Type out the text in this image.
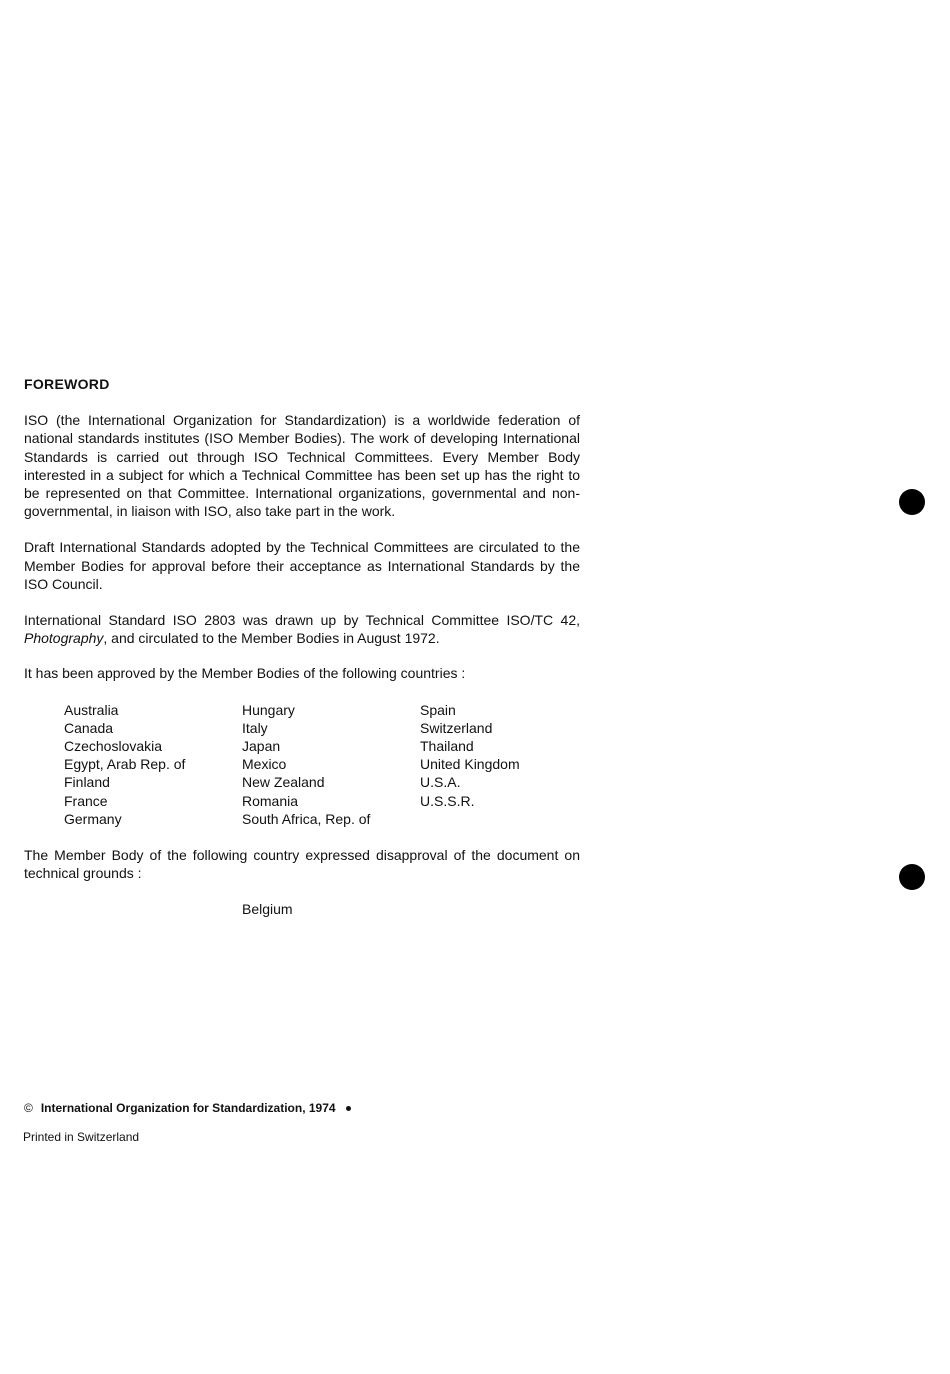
FOREWORD

ISO (the International Organization for Standardization) is a worldwide federation of national standards institutes (ISO Member Bodies). The work of developing International Standards is carried out through ISO Technical Committees. Every Member Body interested in a subject for which a Technical Committee has been set up has the right to be represented on that Committee. International organizations, governmental and non-governmental, in liaison with ISO, also take part in the work.

Draft International Standards adopted by the Technical Committees are circulated to the Member Bodies for approval before their acceptance as International Standards by the ISO Council.

International Standard ISO 2803 was drawn up by Technical Committee ISO/TC 42, Photography, and circulated to the Member Bodies in August 1972.

It has been approved by the Member Bodies of the following countries :
Australia
Canada
Czechoslovakia
Egypt, Arab Rep. of
Finland
France
Germany
Hungary
Italy
Japan
Mexico
New Zealand
Romania
South Africa, Rep. of
Spain
Switzerland
Thailand
United Kingdom
U.S.A.
U.S.S.R.

The Member Body of the following country expressed disapproval of the document on technical grounds :

Belgium
© International Organization for Standardization, 1974
Printed in Switzerland
